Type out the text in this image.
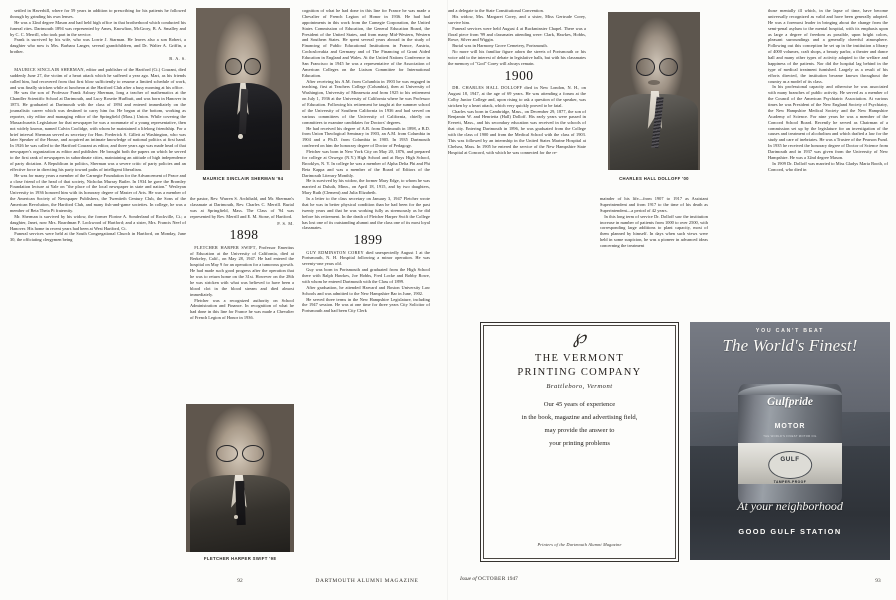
settled in Haverhill, where for 59 years in addition to prescribing for his patients he followed through by grinding his own lenses.

He was a 32nd degree Mason and had held high office in that brotherhood which conducted his funeral rites. Dartmouth 1894 was represented by Ames, Knowlton, McGrory, B. A. Smalley and by C. C. Merrill, who took part in the service.

Frank is survived by his wife, who was Lorrie J. Starman. He leaves also a son Robert, a daughter who now is Mrs. Barbara Langer, several grandchildren, and Dr. Walter A. Griffin, a brother.

B. A. S.

MAURICE SINCLAIR SHERMAN, editor and publisher of the Hartford (Ct.) Courant, died suddenly June 27, the victim of a heart attack which he suffered a year ago. Mart, as his friends called him, had recovered from that first blow sufficiently to resume a limited schedule of work, and was finally stricken while at luncheon at the Hartford Club after a busy morning at his office.

He was the son of Professor Frank Asbury Sherman, long a teacher of mathematics at the Chandler Scientific School at Dartmouth, and Lucy Rosette Hurlbutt, and was born in Hanover in 1873. He graduated at Dartmouth with the class of 1894 and entered immediately on the journalistic career which was destined to carry him far. He began at the bottom, working as reporter, city editor and managing editor of the Springfield (Mass.) Union. While covering the Massachusetts Legislature for that newspaper he was a roommate of a young representative, then not widely known, named Calvin Coolidge, with whom he maintained a lifelong friendship. For a brief interval Sherman served as secretary for Hon. Frederick S. Gillett at Washington, who was later Speaker of the House, and acquired an intimate knowledge of national politics at first hand. In 1926 he was called to the Hartford Courant as editor, and three years ago was made head of that newspaper's organization as editor and publisher. He brought both the papers on which he served to the first rank of newspapers in subordinate cities, maintaining an attitude of high independence of party dictation. A Republican in politics, Sherman was a severe critic of party policies and an effective force in directing his party toward paths of intelligent liberalism.

He was for many years a member of the Carnegie Foundation for the Advancement of Peace and a close friend of the head of that society, Nicholas Murray Butler. In 1934 he gave the Bromley Foundation lecture at Yale on "the place of the local newspaper in state and nation." Wesleyan University in 1936 honored him with its honorary degree of Master of Arts. He was a member of the American Society of Newspaper Publishers, the Twentieth Century Club, the Sons of the American Revolution, the Hartford Club, and many fish-and-game societies. In college, he was a member of Beta Theta Pi fraternity.

Mr. Sherman is survived by his widow, the former Florine A. Sonderland of Rockville, Ct.; a daughter, Janet, now Mrs. Boardman F. Lockwood of Hartford; and a sister, Mrs. Francis Neef of Hanover. His home in recent years had been at West Hartford, Ct.

Funeral services were held at the South Congregational Church in Hartford, on Monday, June 30, the officiating clergymen being

MAURICE SINCLAIR SHERMAN '94

the pastor, Rev. Warren S. Archibald, and Mr. Sherman's classmate at Dartmouth, Rev. Charles C. Merrill. Burial was at Springfield, Mass. The Class of '94 was represented by Rev. Merrill and E. M. Stone, of Hartford.

P. S. M.

1898

FLETCHER HARPER SWIFT, Professor Emeritus of Education at the University of California, died at Berkeley, Calif., on May 28, 1947. He had entered the hospital on May 9 for an operation for a tumorous growth. He had made such good progress after the operation that he was to return home on the 31st. However on the 28th he was stricken with what was believed to have been a blood clot in the blood stream and died almost immediately.

Fletcher was a recognized authority on School Administration and Finance. In recognition of what he had done in this line for France he was made a Chevalier of French Legion of Honor in 1936.

FLETCHER HARPER SWIFT '98

cognition of what he had done in this line for France he was made a Chevalier of French Legion of Honor in 1936. He had had appointments in this work from the Carnegie Corporation, the United States Commission of Education, the General Education Board, the President of the United States, and from many Mid-Western, Western and Southern States. He spent several years abroad in the study of Financing of Public Educational Institutions in France, Austria, Cochoslovakia and Germany and of The Financing of Grant Aided Education in England and Wales. At the United Nations Conference in San Francisco in 1945 he was a representative of the Association of American Colleges on the Liaison Committee for International Education.

After receiving his A.M. from Columbia in 1903 he was engaged in teaching, first at Teachers College (Columbia), then at University of Washington, University of Minnesota and from 1925 to his retirement on July 1, 1936 at the University of California where he was Professor of Education. Following his retirement he taught at the summer school of the University of Southern California in 1936 and had served on various committees of the University of California, chiefly on committees to examine candidates for Doctors' degrees.

He had received his degree of A.B. from Dartmouth in 1898, a B.D. from Union Theological Seminary in 1903, an A.M. from Columbia in 1904 and a Ph.D. from Columbia in 1905. In 1935 Dartmouth conferred on him the honorary degree of Doctor of Pedagogy.

Fletcher was born in New York City on May 20, 1876, and prepared for college at Oswego (N.Y.) High School and at Boys High School, Brooklyn, N. Y. In college he was a member of Alpha Delta Phi and Phi Beta Kappa and was a member of the Board of Editors of the Dartmouth Literary Monthly.

He is survived by his widow, the former Mary Edge, to whom he was married at Duluth, Minn., on April 18, 1915, and by two daughters, Mary Ruth (Clement) and Julia Elizabeth.

In a letter to the class secretary on January 3, 1947 Fletcher wrote that he was in better physical condition than he had been for the past twenty years and that he was working fully as strenuously as he did before his retirement. In the death of Fletcher Harper Swift the College has lost one of its outstanding alumni and the class one of its most loyal classmates.

1899

GUY EDMINSTON COREY died unexpectedly August 1 at the Portsmouth, N. H. Hospital following a minor operation. He was seventy-one years old.

Guy was born in Portsmouth and graduated from the High School there with Ralph Hawkes, Joe Hobbs, Fred Locke and Bobby Rowe, with whom he entered Dartmouth with the Class of 1899.

After graduation, he attended Harvard and Boston University Law Schools and was admitted to the New Hampshire Bar in June, 1902.

He served three terms in the New Hampshire Legislature, including the 1947 session. He was at one time for three years City Solicitor of Portsmouth and had been City Clerk

and a delegate to the State Constitutional Convention.

His widow, Mrs. Margaret Corey, and a sister, Miss Gertrude Corey, survive him.

Funeral services were held August 4 at Buckminster Chapel. There was a floral piece from '99 and classmates attending were: Clark, Hawkes, Hobbs, Rowe, Silver and Wiggin.

Burial was in Harmony Grove Cemetery, Portsmouth.

No more will his familiar figure adorn the streets of Portsmouth or his voice add to the interest of debate in legislative halls, but with his classmates the memory of "God" Corey will always remain.

1900

DR. CHARLES HALL DOLLOFF died in New London, N. H., on August 18, 1947, at the age of 69 years. He was attending a forum at the Colby Junior College and, upon rising to ask a question of the speaker, was stricken by a heart attack, which very quickly proved to be fatal.

Charles was born in Cambridge, Mass., on December 29, 1877, the son of Benjamin W. and Henrietta (Hall) Dolloff. His early years were passed in Everett, Mass., and his secondary education was received in the schools of that city. Entering Dartmouth in 1896, he was graduated from the College with the class of 1900 and from the Medical School with the class of 1903. This was followed by an internship in the United States Marine Hospital at Chelsea, Mass. In 1905 he entered the service of the New Hampshire State Hospital at Concord, with which he was connected for the re-

CHARLES HALL DOLLOFF '00

mainder of his life—from 1907 to 1917 as Assistant Superintendent and from 1917 to the time of his death as Superintendent—a period of 42 years.

In this long term of service Dr. Dolloff saw the institution increase in number of patients from 1000 to over 2500, with corresponding large additions to plant capacity, most of them planned by himself. In days when such views were held in some suspicion, he was a pioneer in advanced ideas concerning the treatment

those mentally ill which, in the lapse of time, have become universally recognized as valid and have been generally adopted. He was a foremost leader in bringing about the change from the semi-penal asylum to the mental hospital, with its emphasis upon as large a degree of freedom as possible, upon bright colors, pleasant surroundings and a generally cheerful atmosphere. Following out this conception he set up in the institution a library of 4000 volumes, craft shops, a beauty parlor, a theater and dance hall and many other types of activity adapted to the welfare and happiness of the patients. Nor did the hospital lag behind in the type of medical treatment furnished. Largely as a result of his efforts directed, the institution became known throughout the country as a model of its class.

In his professional capacity and otherwise he was associated with many branches of public activity. He served as a member of the Council of the American Psychiatric Association. At various times he was President of the New England Society of Psychiatry, the New Hampshire Medical Society and the New Hampshire Academy of Science. For nine years he was a member of the Concord School Board. Recently he served as Chairman of a commission set up by the legislature for an investigation of the causes and treatment of alcoholism and which drafted a law for the study and care of inebriates. He was a Trustee of the Pearson Fund. In 1935 he received the honorary degree of Doctor of Science from Dartmouth and in 1937 was given from the University of New Hampshire. He was a 32nd degree Mason.

In 1909 Dr. Dolloff was married to Miss Gladys Maria Booth, of Concord, who died in

℘
THE VERMONT
PRINTING COMPANY
Brattleboro, Vermont
Our 45 years of experience
in the book, magazine and advertising field,
may provide the answer to
your printing problems
Printers of the Dartmouth Alumni Magazine
YOU CAN'T BEAT
The World's Finest!
Gulfpride
MOTOR
THE WORLD'S FINEST MOTOR OIL
GULF
TAMPER-PROOF
At your neighborhood
GOOD GULF STATION
92	DARTMOUTH ALUMNI MAGAZINE	Issue of OCTOBER 1947	93
